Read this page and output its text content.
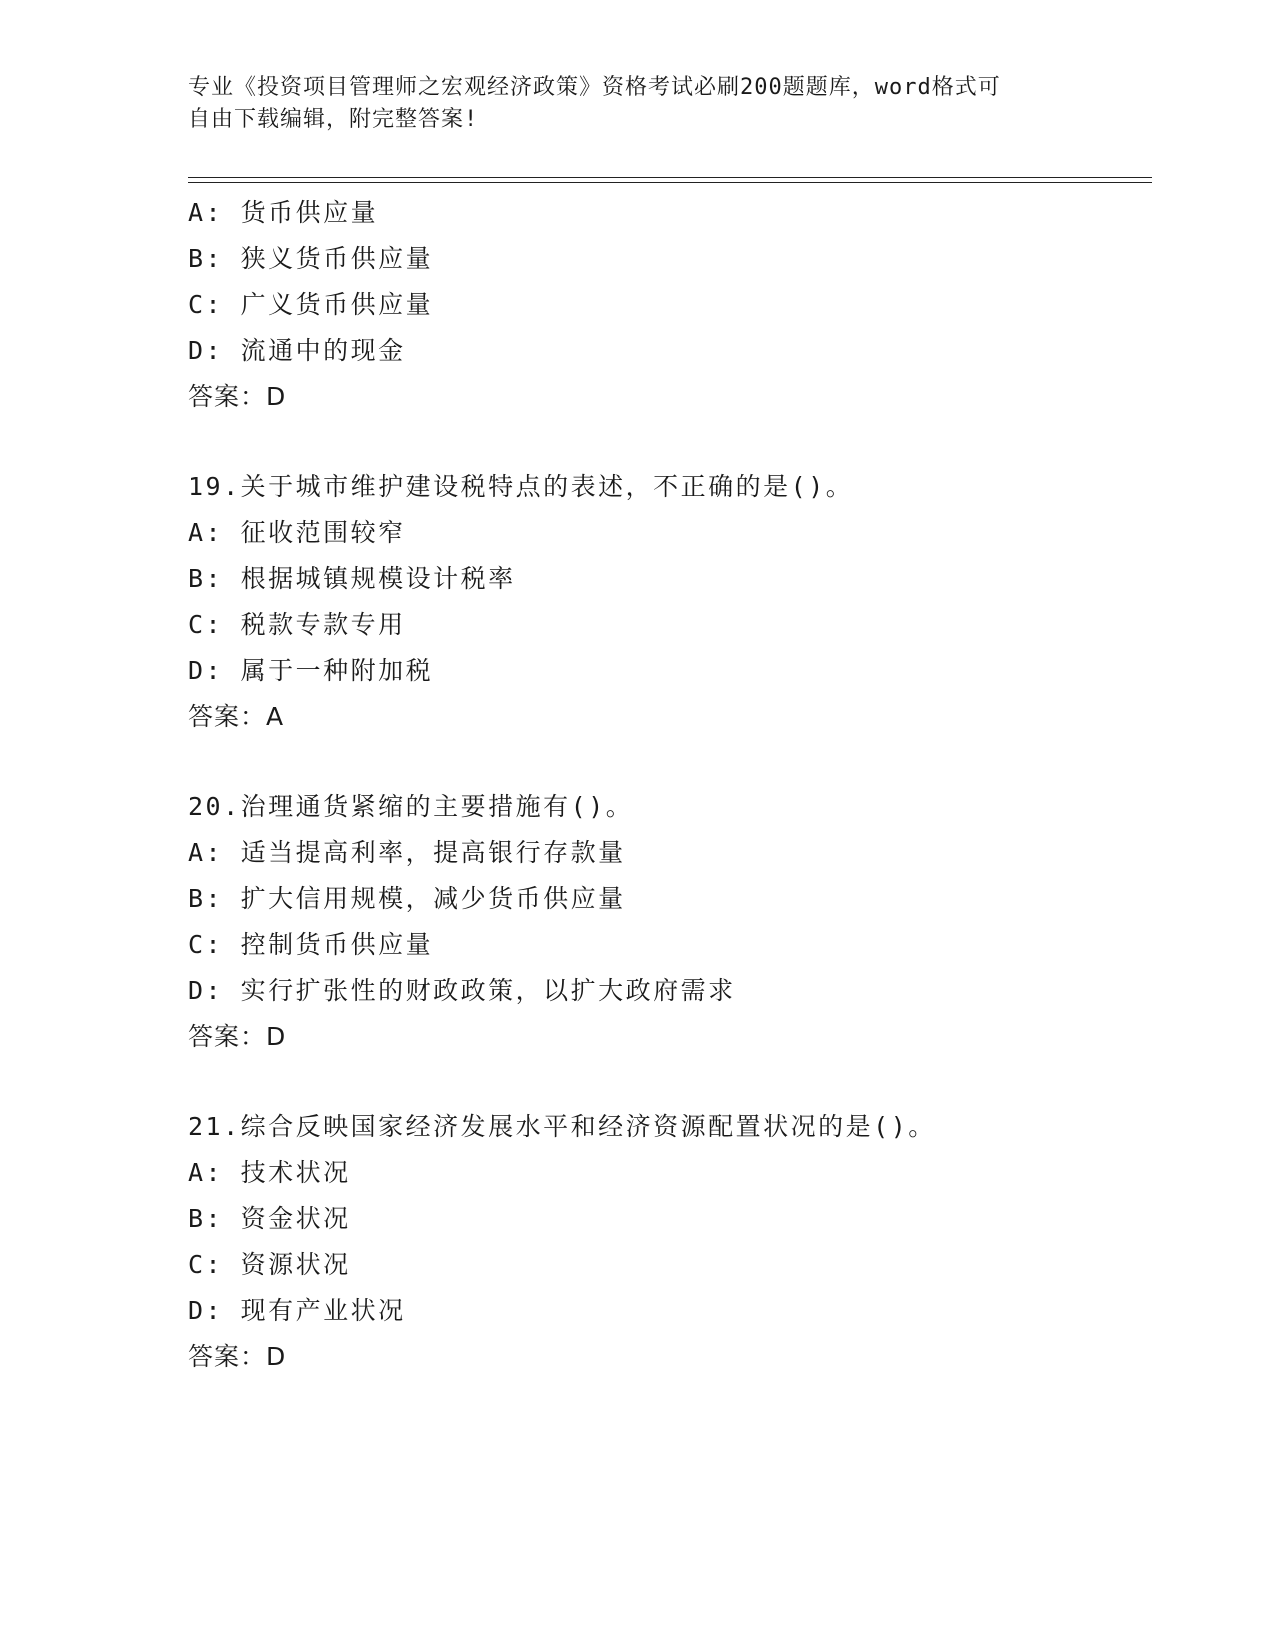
专业《投资项目管理师之宏观经济政策》资格考试必刷200题题库，word格式可
自由下载编辑，附完整答案!
A: 货币供应量
B: 狭义货币供应量
C: 广义货币供应量
D: 流通中的现金
答案：D
19.关于城市维护建设税特点的表述，不正确的是()。
A: 征收范围较窄
B: 根据城镇规模设计税率
C: 税款专款专用
D: 属于一种附加税
答案：A
20.治理通货紧缩的主要措施有()。
A: 适当提高利率，提高银行存款量
B: 扩大信用规模，减少货币供应量
C: 控制货币供应量
D: 实行扩张性的财政政策，以扩大政府需求
答案：D
21.综合反映国家经济发展水平和经济资源配置状况的是()。
A: 技术状况
B: 资金状况
C: 资源状况
D: 现有产业状况
答案：D
